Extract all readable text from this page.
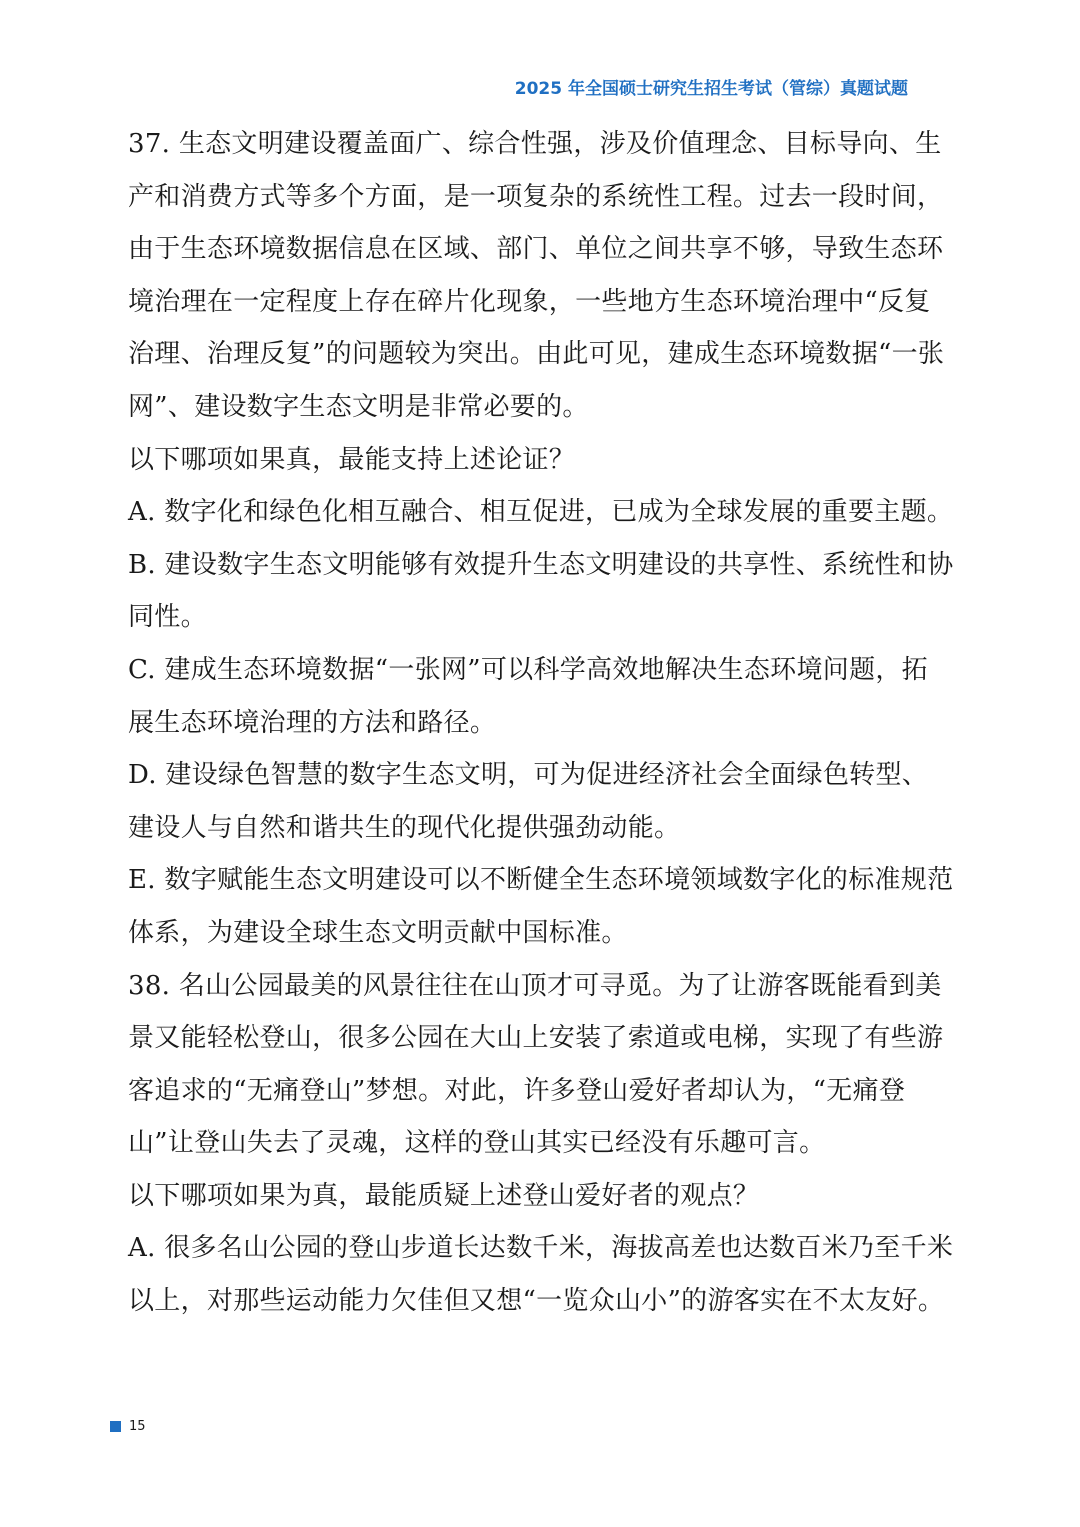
2025 年全国硕士研究生招生考试（管综）真题试题

37. 生态文明建设覆盖面广、综合性强，涉及价值理念、目标导向、生产和消费方式等多个方面，是一项复杂的系统性工程。过去一段时间，由于生态环境数据信息在区域、部门、单位之间共享不够，导致生态环境治理在一定程度上存在碎片化现象，一些地方生态环境治理中“反复治理、治理反复”的问题较为突出。由此可见，建成生态环境数据“一张网”、建设数字生态文明是非常必要的。

以下哪项如果真，最能支持上述论证？

A. 数字化和绿色化相互融合、相互促进，已成为全球发展的重要主题。

B. 建设数字生态文明能够有效提升生态文明建设的共享性、系统性和协同性。

C. 建成生态环境数据“一张网”可以科学高效地解决生态环境问题，拓展生态环境治理的方法和路径。

D. 建设绿色智慧的数字生态文明，可为促进经济社会全面绿色转型、建设人与自然和谐共生的现代化提供强劲动能。

E. 数字赋能生态文明建设可以不断健全生态环境领域数字化的标准规范体系，为建设全球生态文明贡献中国标准。

38. 名山公园最美的风景往往在山顶才可寻觅。为了让游客既能看到美景又能轻松登山，很多公园在大山上安装了索道或电梯，实现了有些游客追求的“无痛登山”梦想。对此，许多登山爱好者却认为，“无痛登山”让登山失去了灵魂，这样的登山其实已经没有乐趣可言。

以下哪项如果为真，最能质疑上述登山爱好者的观点？

A. 很多名山公园的登山步道长达数千米，海拔高差也达数百米乃至千米以上，对那些运动能力欠佳但又想“一览众山小”的游客实在不太友好。

15
